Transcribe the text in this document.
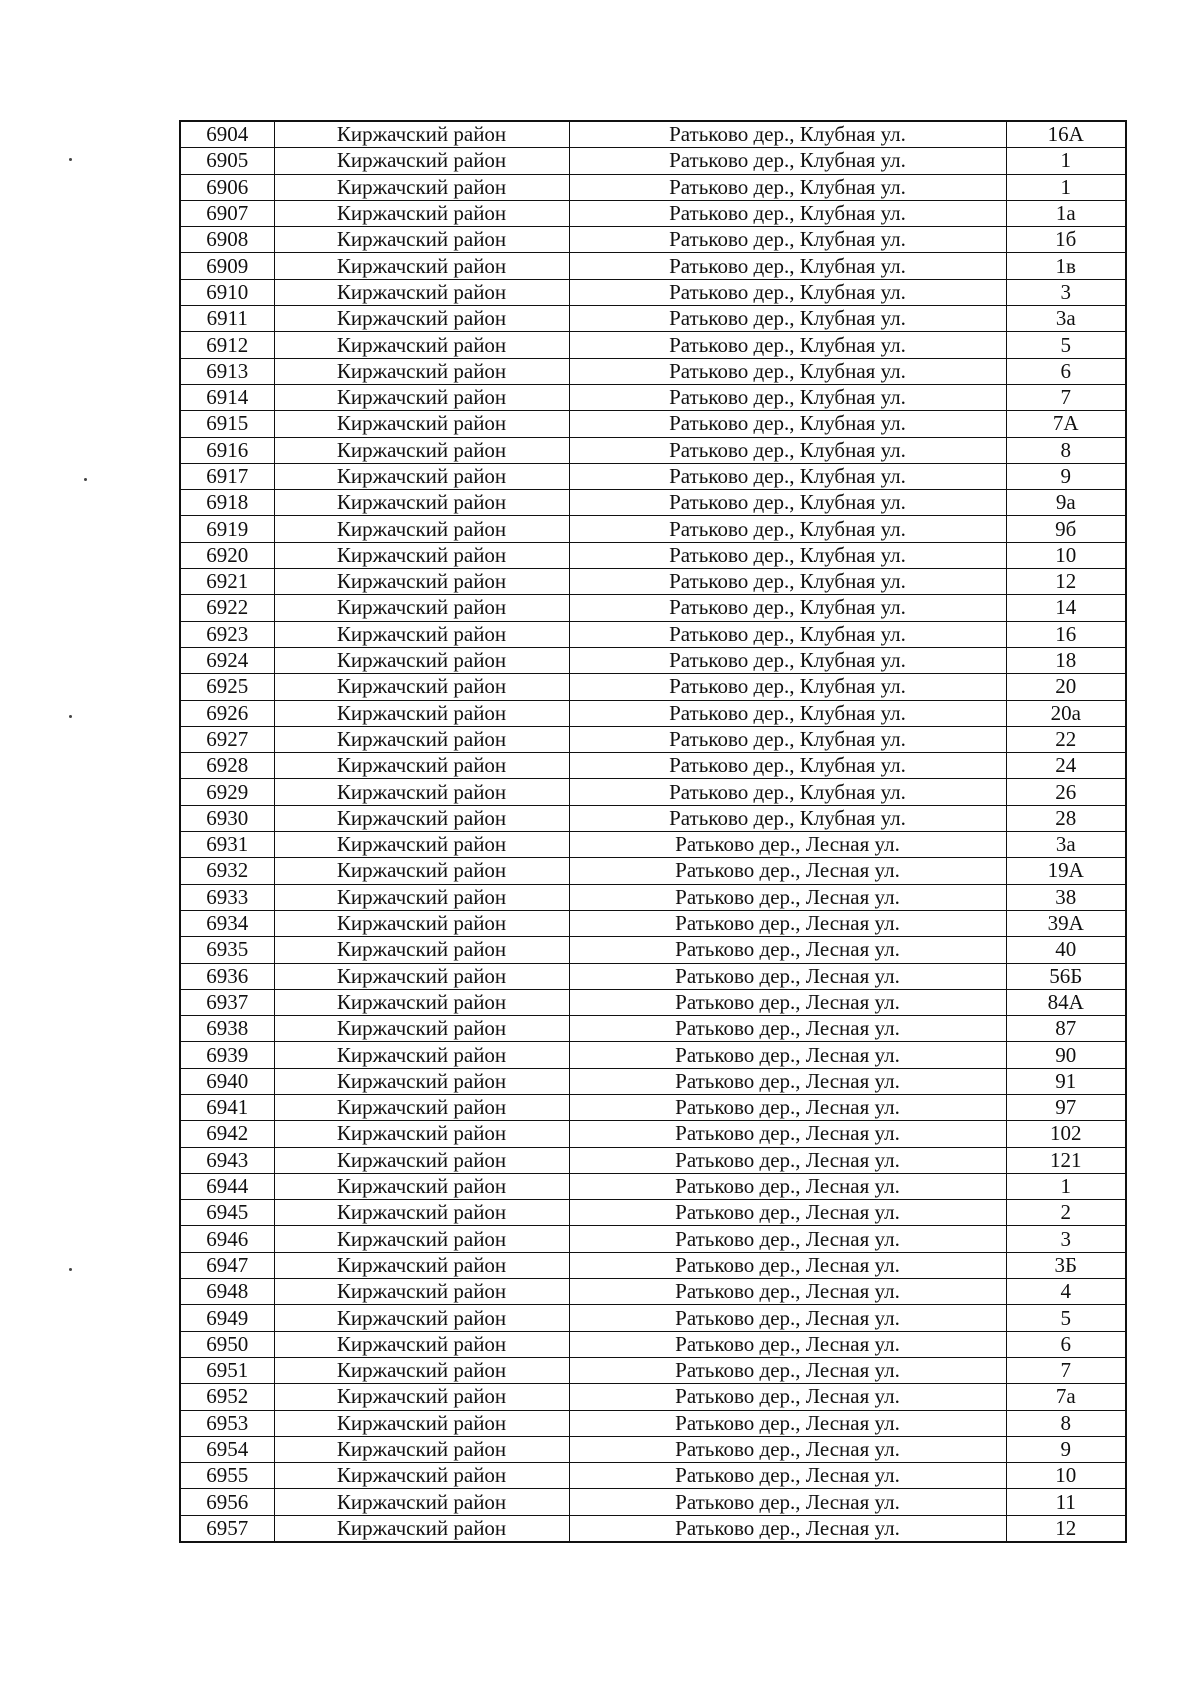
6904	Киржачский район	Ратьково дер., Клубная ул.	16А
6905	Киржачский район	Ратьково дер., Клубная ул.	1
6906	Киржачский район	Ратьково дер., Клубная ул.	1
6907	Киржачский район	Ратьково дер., Клубная ул.	1а
6908	Киржачский район	Ратьково дер., Клубная ул.	1б
6909	Киржачский район	Ратьково дер., Клубная ул.	1в
6910	Киржачский район	Ратьково дер., Клубная ул.	3
6911	Киржачский район	Ратьково дер., Клубная ул.	3а
6912	Киржачский район	Ратьково дер., Клубная ул.	5
6913	Киржачский район	Ратьково дер., Клубная ул.	6
6914	Киржачский район	Ратьково дер., Клубная ул.	7
6915	Киржачский район	Ратьково дер., Клубная ул.	7А
6916	Киржачский район	Ратьково дер., Клубная ул.	8
6917	Киржачский район	Ратьково дер., Клубная ул.	9
6918	Киржачский район	Ратьково дер., Клубная ул.	9а
6919	Киржачский район	Ратьково дер., Клубная ул.	9б
6920	Киржачский район	Ратьково дер., Клубная ул.	10
6921	Киржачский район	Ратьково дер., Клубная ул.	12
6922	Киржачский район	Ратьково дер., Клубная ул.	14
6923	Киржачский район	Ратьково дер., Клубная ул.	16
6924	Киржачский район	Ратьково дер., Клубная ул.	18
6925	Киржачский район	Ратьково дер., Клубная ул.	20
6926	Киржачский район	Ратьково дер., Клубная ул.	20а
6927	Киржачский район	Ратьково дер., Клубная ул.	22
6928	Киржачский район	Ратьково дер., Клубная ул.	24
6929	Киржачский район	Ратьково дер., Клубная ул.	26
6930	Киржачский район	Ратьково дер., Клубная ул.	28
6931	Киржачский район	Ратьково дер., Лесная ул.	3а
6932	Киржачский район	Ратьково дер., Лесная ул.	19А
6933	Киржачский район	Ратьково дер., Лесная ул.	38
6934	Киржачский район	Ратьково дер., Лесная ул.	39А
6935	Киржачский район	Ратьково дер., Лесная ул.	40
6936	Киржачский район	Ратьково дер., Лесная ул.	56Б
6937	Киржачский район	Ратьково дер., Лесная ул.	84А
6938	Киржачский район	Ратьково дер., Лесная ул.	87
6939	Киржачский район	Ратьково дер., Лесная ул.	90
6940	Киржачский район	Ратьково дер., Лесная ул.	91
6941	Киржачский район	Ратьково дер., Лесная ул.	97
6942	Киржачский район	Ратьково дер., Лесная ул.	102
6943	Киржачский район	Ратьково дер., Лесная ул.	121
6944	Киржачский район	Ратьково дер., Лесная ул.	1
6945	Киржачский район	Ратьково дер., Лесная ул.	2
6946	Киржачский район	Ратьково дер., Лесная ул.	3
6947	Киржачский район	Ратьково дер., Лесная ул.	3Б
6948	Киржачский район	Ратьково дер., Лесная ул.	4
6949	Киржачский район	Ратьково дер., Лесная ул.	5
6950	Киржачский район	Ратьково дер., Лесная ул.	6
6951	Киржачский район	Ратьково дер., Лесная ул.	7
6952	Киржачский район	Ратьково дер., Лесная ул.	7а
6953	Киржачский район	Ратьково дер., Лесная ул.	8
6954	Киржачский район	Ратьково дер., Лесная ул.	9
6955	Киржачский район	Ратьково дер., Лесная ул.	10
6956	Киржачский район	Ратьково дер., Лесная ул.	11
6957	Киржачский район	Ратьково дер., Лесная ул.	12
